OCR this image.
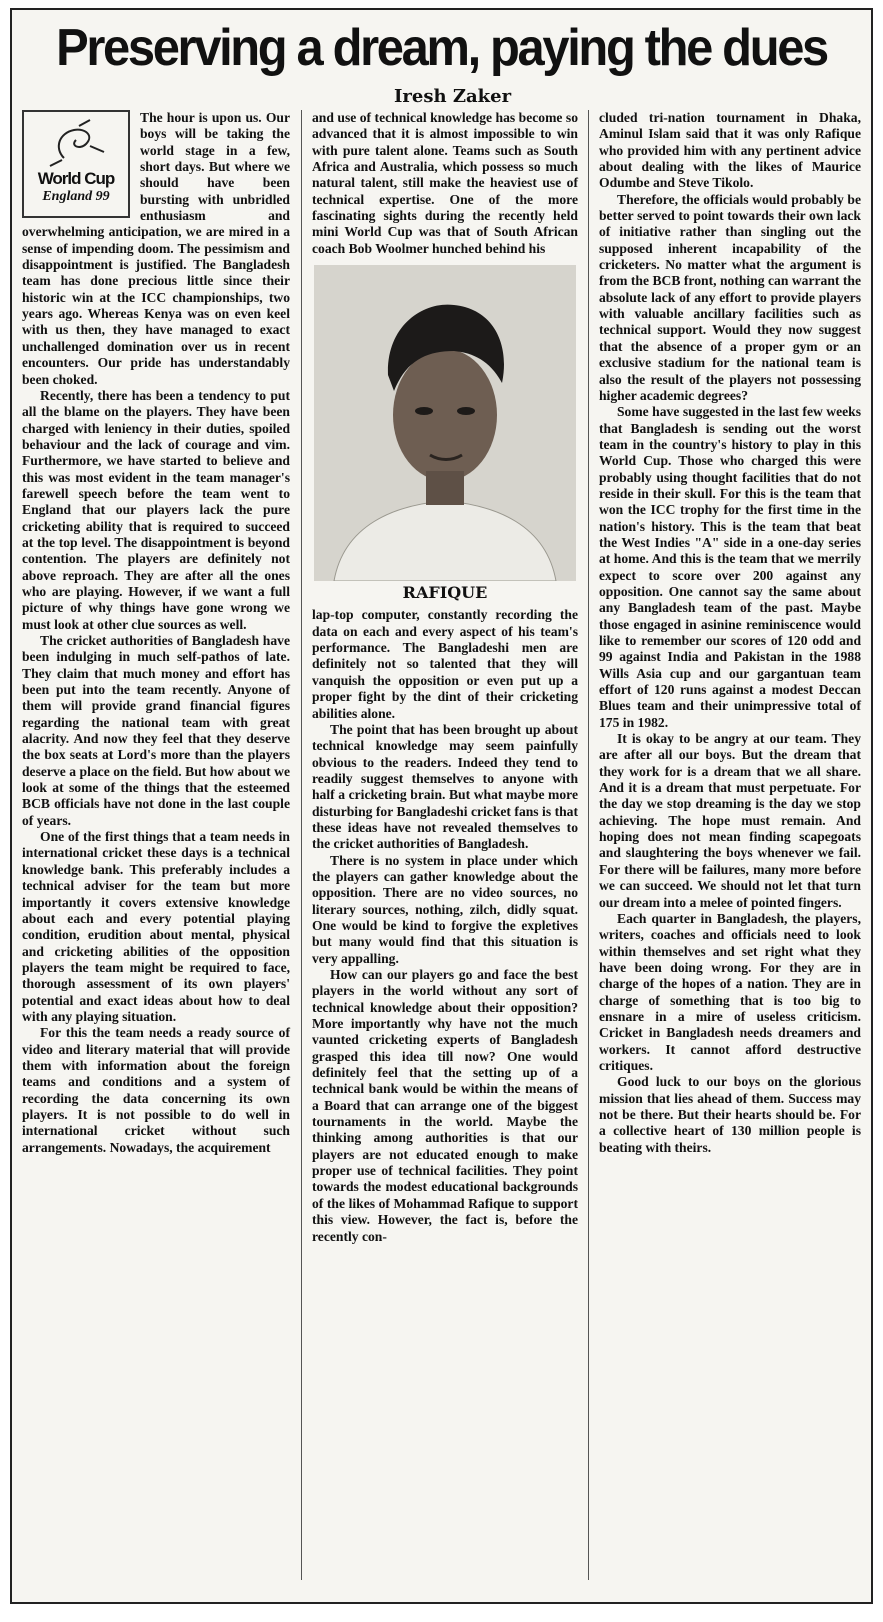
Preserving a dream, paying the dues
Iresh Zaker
World Cup
England 99

The hour is upon us. Our boys will be taking the world stage in a few, short days. But where we should have been bursting with unbridled enthusiasm and overwhelming anticipation, we are mired in a sense of impending doom. The pessimism and disappointment is justified. The Bangladesh team has done precious little since their historic win at the ICC championships, two years ago. Whereas Kenya was on even keel with us then, they have managed to exact unchallenged domination over us in recent encounters. Our pride has understandably been choked.

Recently, there has been a tendency to put all the blame on the players. They have been charged with leniency in their duties, spoiled behaviour and the lack of courage and vim. Furthermore, we have started to believe and this was most evident in the team manager's farewell speech before the team went to England that our players lack the pure cricketing ability that is required to succeed at the top level. The disappointment is beyond contention. The players are definitely not above reproach. They are after all the ones who are playing. However, if we want a full picture of why things have gone wrong we must look at other clue sources as well.

The cricket authorities of Bangladesh have been indulging in much self-pathos of late. They claim that much money and effort has been put into the team recently. Anyone of them will provide grand financial figures regarding the national team with great alacrity. And now they feel that they deserve the box seats at Lord's more than the players deserve a place on the field. But how about we look at some of the things that the esteemed BCB officials have not done in the last couple of years.

One of the first things that a team needs in international cricket these days is a technical knowledge bank. This preferably includes a technical adviser for the team but more importantly it covers extensive knowledge about each and every potential playing condition, erudition about mental, physical and cricketing abilities of the opposition players the team might be required to face, thorough assessment of its own players' potential and exact ideas about how to deal with any playing situation.

For this the team needs a ready source of video and literary material that will provide them with information about the foreign teams and conditions and a system of recording the data concerning its own players. It is not possible to do well in international cricket without such arrangements. Nowadays, the acquirement

and use of technical knowledge has become so advanced that it is almost impossible to win with pure talent alone. Teams such as South Africa and Australia, which possess so much natural talent, still make the heaviest use of technical expertise. One of the more fascinating sights during the recently held mini World Cup was that of South African coach Bob Woolmer hunched behind his

RAFIQUE

lap-top computer, constantly recording the data on each and every aspect of his team's performance. The Bangladeshi men are definitely not so talented that they will vanquish the opposition or even put up a proper fight by the dint of their cricketing abilities alone.

The point that has been brought up about technical knowledge may seem painfully obvious to the readers. Indeed they tend to readily suggest themselves to anyone with half a cricketing brain. But what maybe more disturbing for Bangladeshi cricket fans is that these ideas have not revealed themselves to the cricket authorities of Bangladesh.

There is no system in place under which the players can gather knowledge about the opposition. There are no video sources, no literary sources, nothing, zilch, didly squat. One would be kind to forgive the expletives but many would find that this situation is very appalling.

How can our players go and face the best players in the world without any sort of technical knowledge about their opposition? More importantly why have not the much vaunted cricketing experts of Bangladesh grasped this idea till now? One would definitely feel that the setting up of a technical bank would be within the means of a Board that can arrange one of the biggest tournaments in the world. Maybe the thinking among authorities is that our players are not educated enough to make proper use of technical facilities. They point towards the modest educational backgrounds of the likes of Mohammad Rafique to support this view. However, the fact is, before the recently con-

cluded tri-nation tournament in Dhaka, Aminul Islam said that it was only Rafique who provided him with any pertinent advice about dealing with the likes of Maurice Odumbe and Steve Tikolo.

Therefore, the officials would probably be better served to point towards their own lack of initiative rather than singling out the supposed inherent incapability of the cricketers. No matter what the argument is from the BCB front, nothing can warrant the absolute lack of any effort to provide players with valuable ancillary facilities such as technical support. Would they now suggest that the absence of a proper gym or an exclusive stadium for the national team is also the result of the players not possessing higher academic degrees?

Some have suggested in the last few weeks that Bangladesh is sending out the worst team in the country's history to play in this World Cup. Those who charged this were probably using thought facilities that do not reside in their skull. For this is the team that won the ICC trophy for the first time in the nation's history. This is the team that beat the West Indies "A" side in a one-day series at home. And this is the team that we merrily expect to score over 200 against any opposition. One cannot say the same about any Bangladesh team of the past. Maybe those engaged in asinine reminiscence would like to remember our scores of 120 odd and 99 against India and Pakistan in the 1988 Wills Asia cup and our gargantuan team effort of 120 runs against a modest Deccan Blues team and their unimpressive total of 175 in 1982.

It is okay to be angry at our team. They are after all our boys. But the dream that they work for is a dream that we all share. And it is a dream that must perpetuate. For the day we stop dreaming is the day we stop achieving. The hope must remain. And hoping does not mean finding scapegoats and slaughtering the boys whenever we fail. For there will be failures, many more before we can succeed. We should not let that turn our dream into a melee of pointed fingers.

Each quarter in Bangladesh, the players, writers, coaches and officials need to look within themselves and set right what they have been doing wrong. For they are in charge of the hopes of a nation. They are in charge of something that is too big to ensnare in a mire of useless criticism. Cricket in Bangladesh needs dreamers and workers. It cannot afford destructive critiques.

Good luck to our boys on the glorious mission that lies ahead of them. Success may not be there. But their hearts should be. For a collective heart of 130 million people is beating with theirs.
